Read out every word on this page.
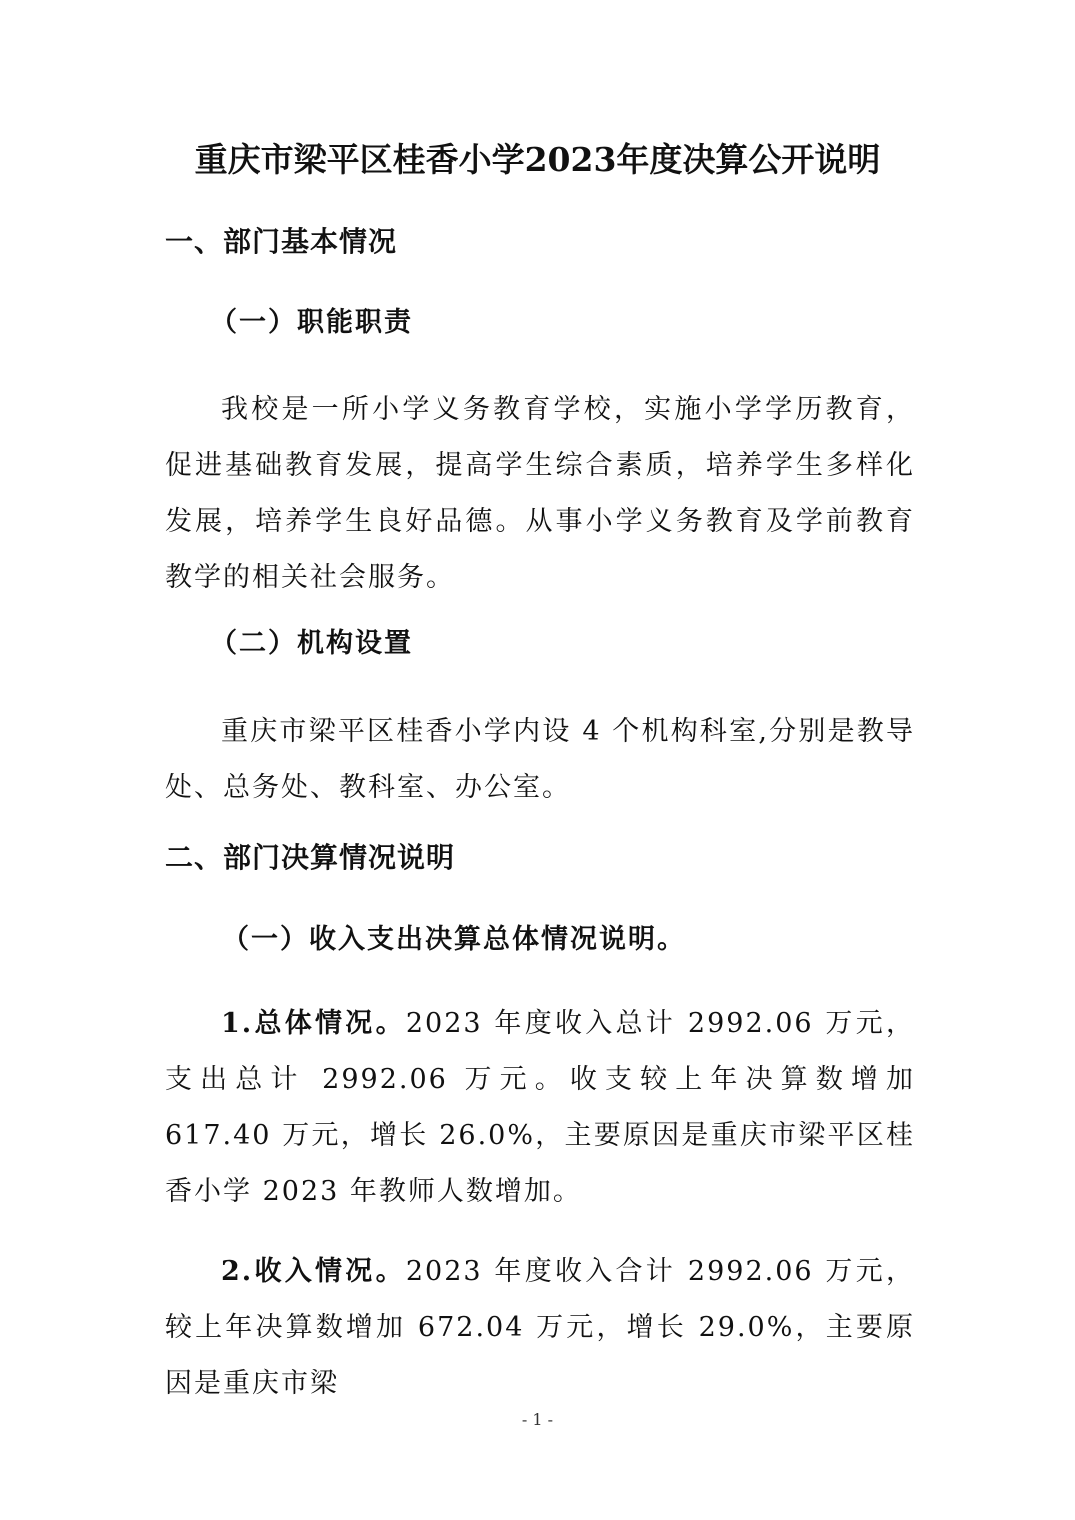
重庆市梁平区桂香小学2023年度决算公开说明
一、部门基本情况
（一）职能职责
我校是一所小学义务教育学校，实施小学学历教育，促进基础教育发展，提高学生综合素质，培养学生多样化发展，培养学生良好品德。从事小学义务教育及学前教育教学的相关社会服务。
（二）机构设置
重庆市梁平区桂香小学内设 4 个机构科室,分别是教导处、总务处、教科室、办公室。
二、部门决算情况说明
（一）收入支出决算总体情况说明。
1.总体情况。2023 年度收入总计 2992.06 万元，支出总计 2992.06 万元。收支较上年决算数增加 617.40 万元，增长 26.0%，主要原因是重庆市梁平区桂香小学 2023 年教师人数增加。
2.收入情况。2023 年度收入合计 2992.06 万元，较上年决算数增加 672.04 万元，增长 29.0%，主要原因是重庆市梁
- 1 -
